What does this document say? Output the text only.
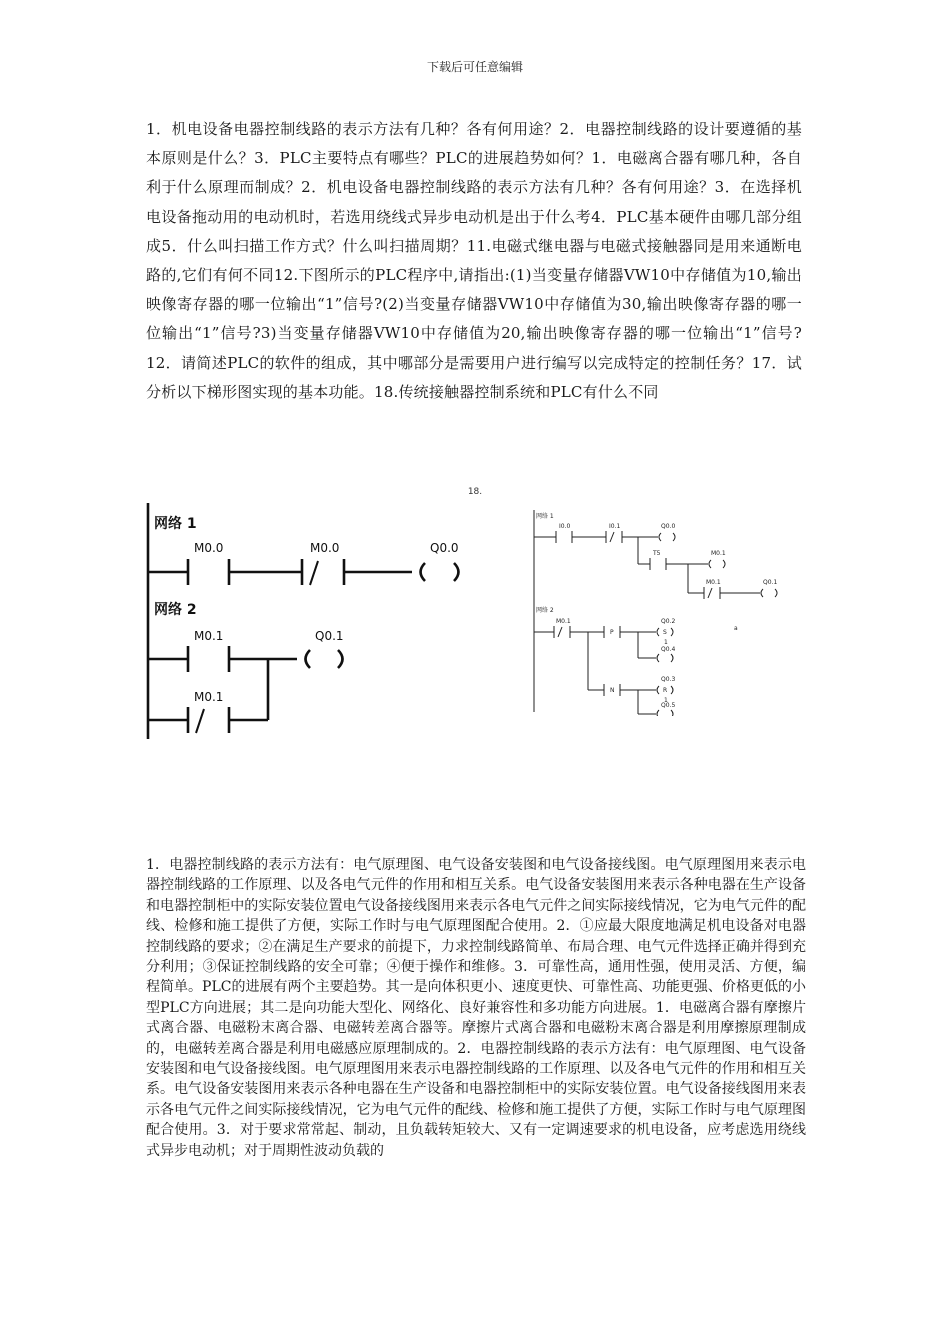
下载后可任意编辑
1．机电设备电器控制线路的表示方法有几种？各有何用途？2．电器控制线路的设计要遵循的基本原则是什么？3．PLC主要特点有哪些？PLC的进展趋势如何？1．电磁离合器有哪几种，各自利于什么原理而制成？2．机电设备电器控制线路的表示方法有几种？各有何用途？3．在选择机电设备拖动用的电动机时，若选用绕线式异步电动机是出于什么考4．PLC基本硬件由哪几部分组成5．什么叫扫描工作方式？什么叫扫描周期？11.电磁式继电器与电磁式接触器同是用来通断电路的,它们有何不同12.下图所示的PLC程序中,请指出:(1)当变量存储器VW10中存储值为10,输出映像寄存器的哪一位输出“1”信号?(2)当变量存储器VW10中存储值为30,输出映像寄存器的哪一位输出“1”信号?3)当变量存储器VW10中存储值为20,输出映像寄存器的哪一位输出“1”信号?12．请简述PLC的软件的组成，其中哪部分是需要用户进行编写以完成特定的控制任务？17．试分析以下梯形图实现的基本功能。18.传统接触器控制系统和PLC有什么不同
18.
网络 1
M0.0	M0.0	Q0.0
网络 2
M0.1	Q0.1
M0.1
网络 1
I0.0	I0.1	Q0.0
T5	M0.1
M0.1	Q0.1
网络 2
M0.1
P
Q0.2
S
1
Q0.4
N
Q0.3
R
1
Q0.5
a
1．电器控制线路的表示方法有：电气原理图、电气设备安装图和电气设备接线图。电气原理图用来表示电器控制线路的工作原理、以及各电气元件的作用和相互关系。电气设备安装图用来表示各种电器在生产设备和电器控制柜中的实际安装位置电气设备接线图用来表示各电气元件之间实际接线情况，它为电气元件的配线、检修和施工提供了方便，实际工作时与电气原理图配合使用。2．①应最大限度地满足机电设备对电器控制线路的要求；②在满足生产要求的前提下，力求控制线路简单、布局合理、电气元件选择正确并得到充分利用；③保证控制线路的安全可靠；④便于操作和维修。3．可靠性高，通用性强，使用灵活、方便，编程简单。PLC的进展有两个主要趋势。其一是向体积更小、速度更快、可靠性高、功能更强、价格更低的小型PLC方向进展；其二是向功能大型化、网络化、良好兼容性和多功能方向进展。1．电磁离合器有摩擦片式离合器、电磁粉末离合器、电磁转差离合器等。摩擦片式离合器和电磁粉末离合器是利用摩擦原理制成的，电磁转差离合器是利用电磁感应原理制成的。2．电器控制线路的表示方法有：电气原理图、电气设备安装图和电气设备接线图。电气原理图用来表示电器控制线路的工作原理、以及各电气元件的作用和相互关系。电气设备安装图用来表示各种电器在生产设备和电器控制柜中的实际安装位置。电气设备接线图用来表示各电气元件之间实际接线情况，它为电气元件的配线、检修和施工提供了方便，实际工作时与电气原理图配合使用。3．对于要求常常起、制动，且负载转矩较大、又有一定调速要求的机电设备，应考虑选用绕线式异步电动机；对于周期性波动负载的
